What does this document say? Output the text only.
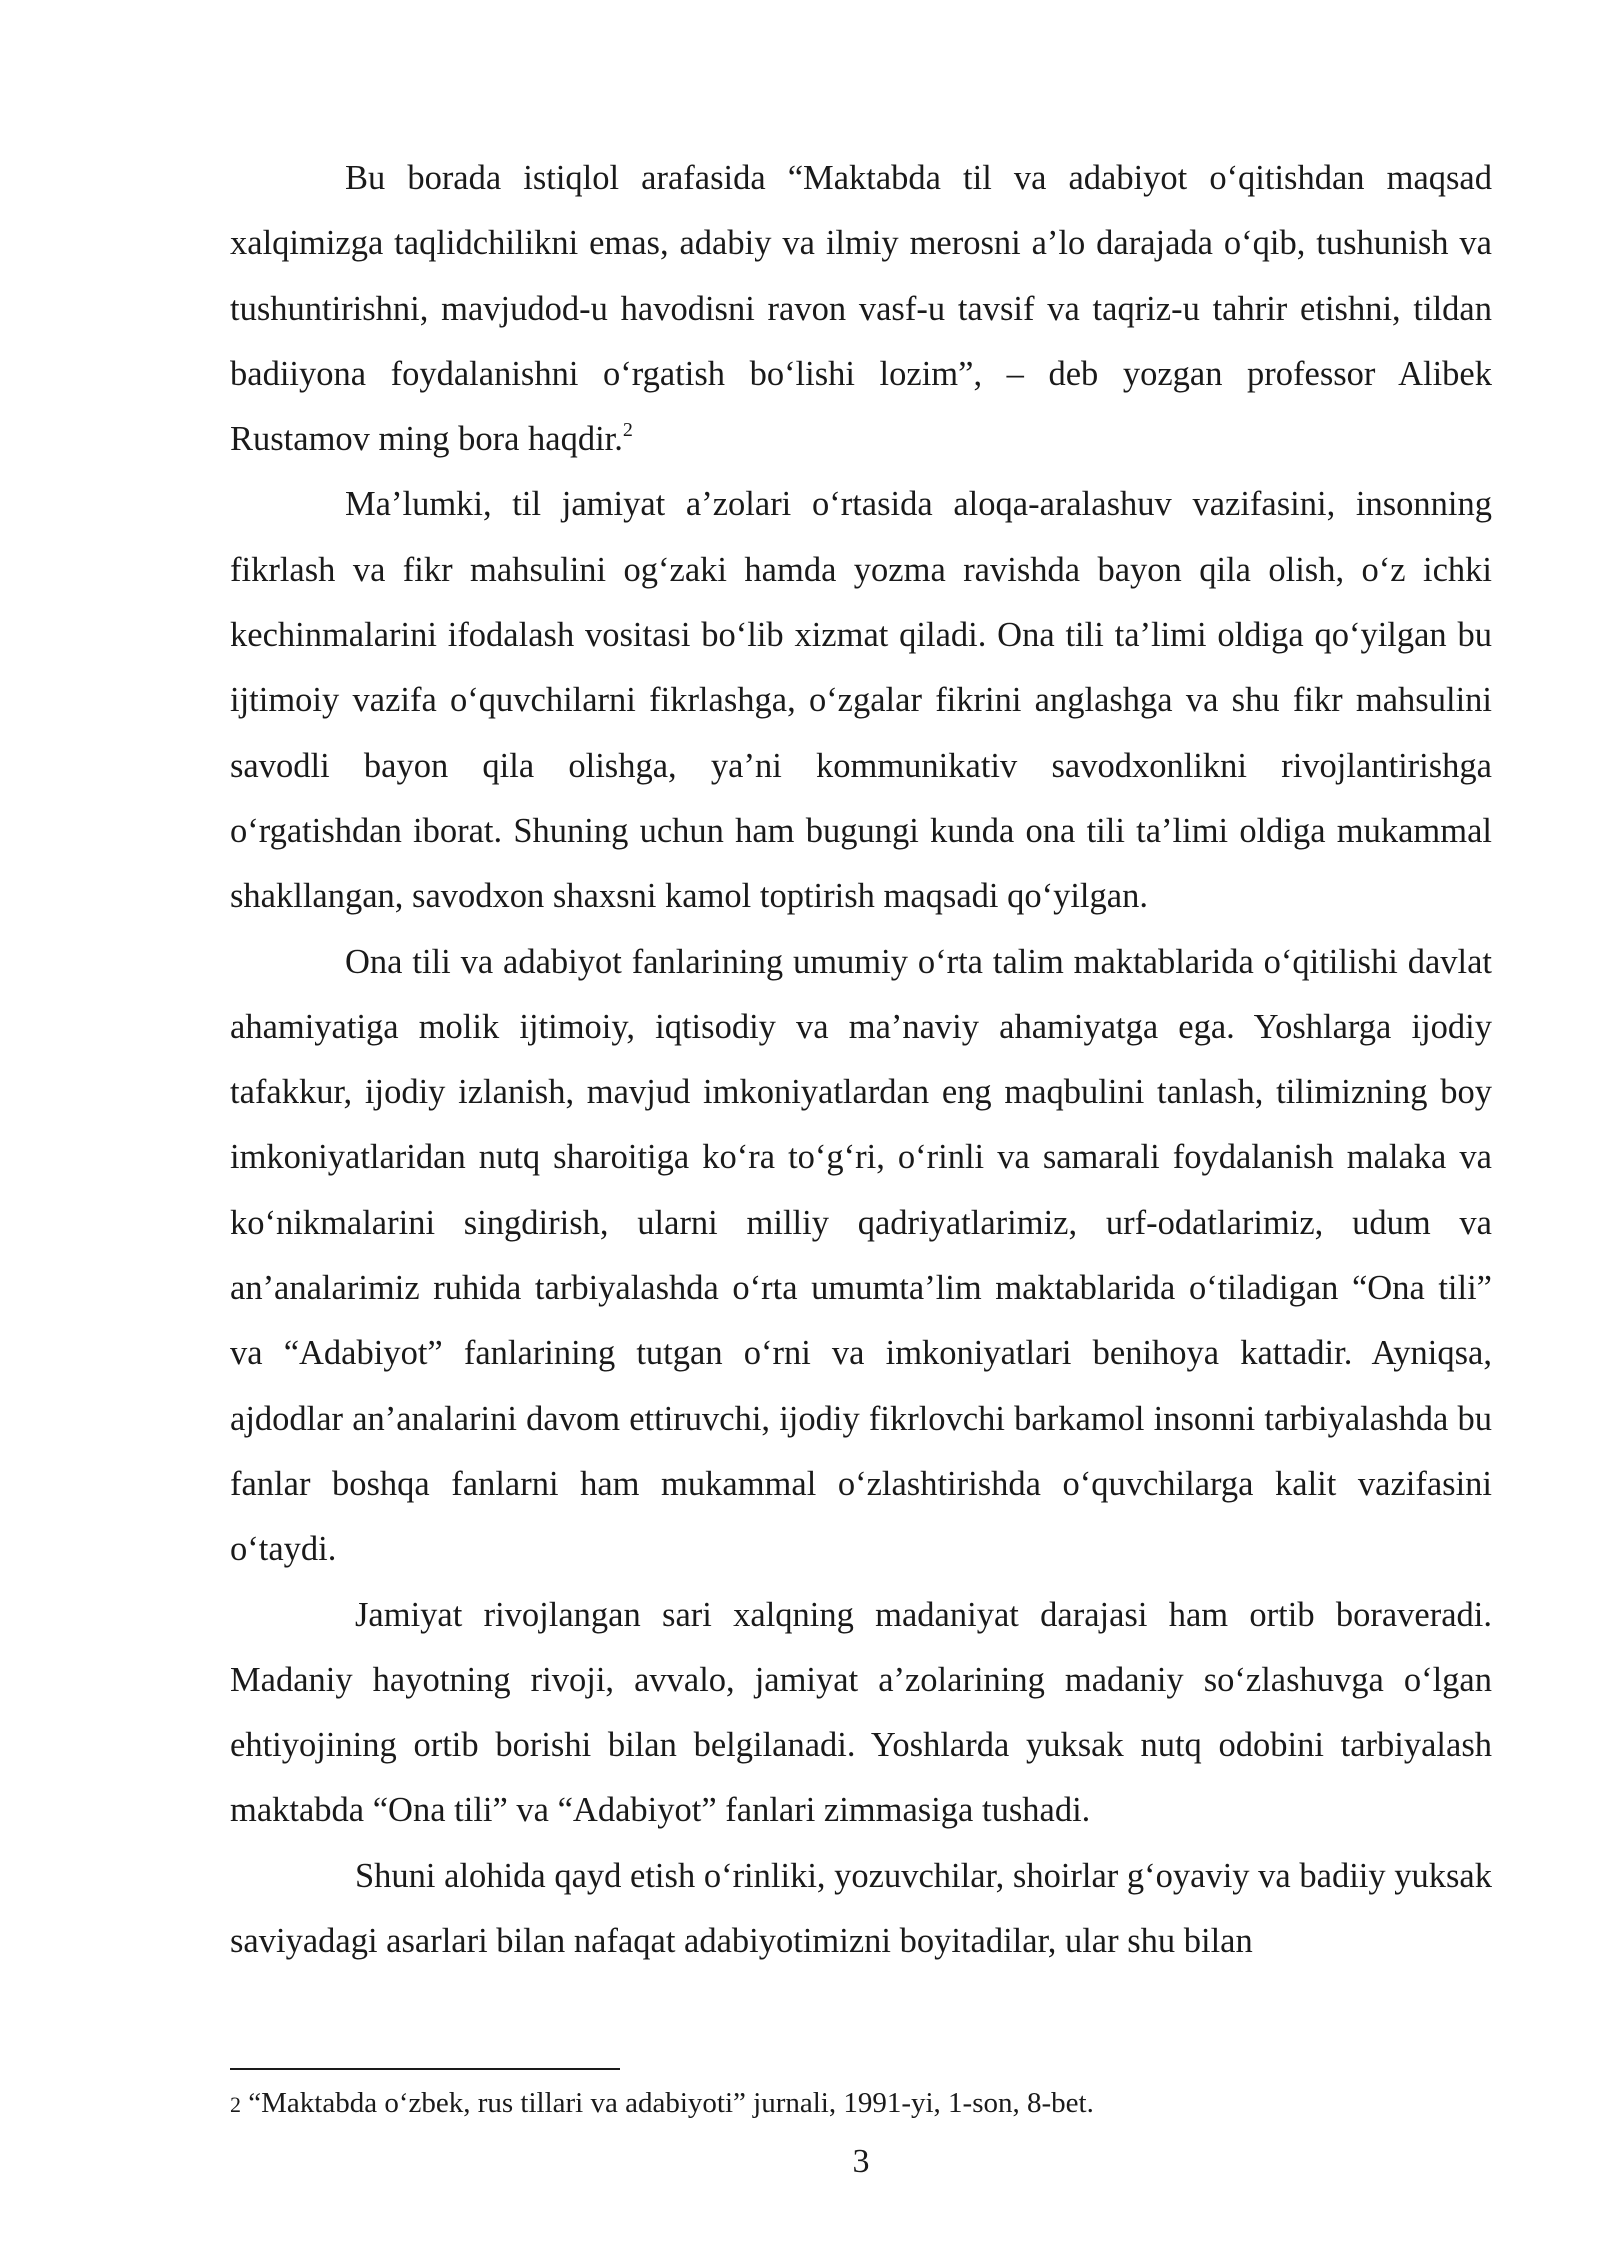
Bu borada istiqlol arafasida “Maktabda til va adabiyot o‘qitishdan maqsad xalqimizga taqlidchilikni emas, adabiy va ilmiy merosni a’lo darajada o‘qib, tushunish va tushuntirishni, mavjudod-u havodisni ravon vasf-u tavsif va taqriz-u tahrir etishni, tildan badiiyona foydalanishni o‘rgatish bo‘lishi lozim”, – deb yozgan professor Alibek Rustamov ming bora haqdir.$^2$

Ma’lumki, til jamiyat a’zolari o‘rtasida aloqa-aralashuv vazifasini, insonning fikrlash va fikr mahsulini og‘zaki hamda yozma ravishda bayon qila olish, o‘z ichki kechinmalarini ifodalash vositasi bo‘lib xizmat qiladi. Ona tili ta’limi oldiga qo‘yilgan bu ijtimoiy vazifa o‘quvchilarni fikrlashga, o‘zgalar fikrini anglashga va shu fikr mahsulini savodli bayon qila olishga, ya’ni kommunikativ savodxonlikni rivojlantirishga o‘rgatishdan iborat. Shuning uchun ham bugungi kunda ona tili ta’limi oldiga mukammal shakllangan, savodxon shaxsni kamol toptirish maqsadi qo‘yilgan.

Ona tili va adabiyot fanlarining umumiy o‘rta talim maktablarida o‘qitilishi davlat ahamiyatiga molik ijtimoiy, iqtisodiy va ma’naviy ahamiyatga ega. Yoshlarga ijodiy tafakkur, ijodiy izlanish, mavjud imkoniyatlardan eng maqbulini tanlash, tilimizning boy imkoniyatlaridan nutq sharoitiga ko‘ra to‘g‘ri, o‘rinli va samarali foydalanish malaka va ko‘nikmalarini singdirish, ularni milliy qadriyatlarimiz, urf-odatlarimiz, udum va an’analarimiz ruhida tarbiyalashda o‘rta umumta’lim maktablarida o‘tiladigan “Ona tili” va “Adabiyot” fanlarining tutgan o‘rni va imkoniyatlari benihoya kattadir. Ayniqsa, ajdodlar an’analarini davom ettiruvchi, ijodiy fikrlovchi barkamol insonni tarbiyalashda bu fanlar boshqa fanlarni ham mukammal o‘zlashtirishda o‘quvchilarga kalit vazifasini o‘taydi.

Jamiyat rivojlangan sari xalqning madaniyat darajasi ham ortib boraveradi. Madaniy hayotning rivoji, avvalo, jamiyat a’zolarining madaniy so‘zlashuvga o‘lgan ehtiyojining ortib borishi bilan belgilanadi. Yoshlarda yuksak nutq odobini tarbiyalash maktabda “Ona tili” va “Adabiyot” fanlari zimmasiga tushadi.

Shuni alohida qayd etish o‘rinliki, yozuvchilar, shoirlar g‘oyaviy va badiiy yuksak saviyadagi asarlari bilan nafaqat adabiyotimizni boyitadilar, ular shu bilan

2 “Maktabda o‘zbek, rus tillari va adabiyoti” jurnali, 1991-yi, 1-son, 8-bet.

3
